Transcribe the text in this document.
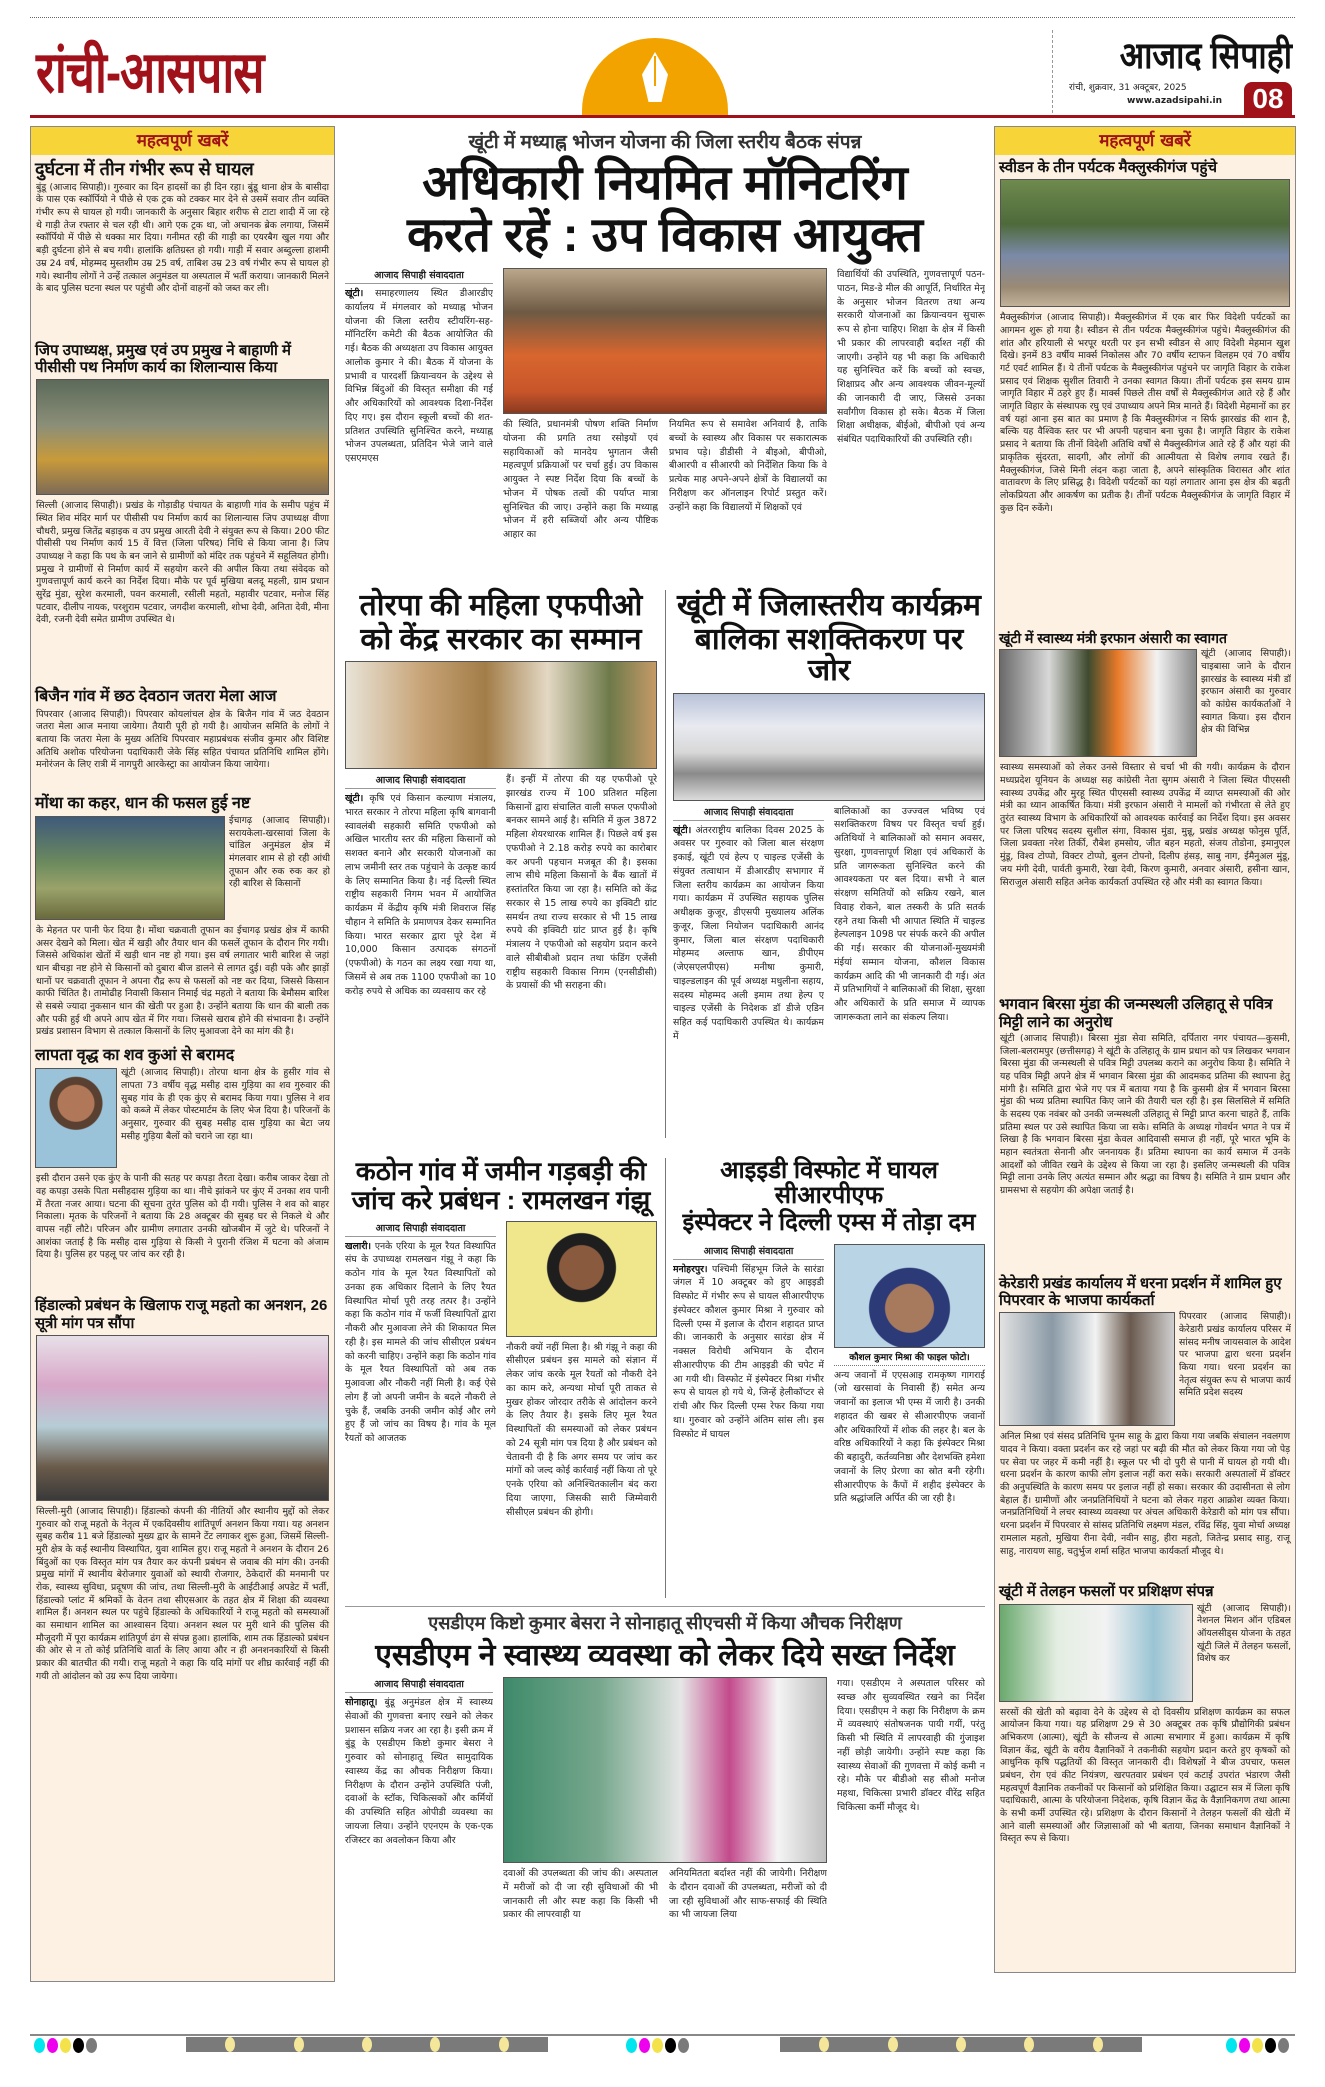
रांची-आसपास	आजाद सिपाही
रांची, शुक्रवार, 31 अक्टूबर, 2025
www.azadsipahi.in	08
महत्वपूर्ण खबरें
दुर्घटना में तीन गंभीर रूप से घायल
बुंडू (आजाद सिपाही)। गुरुवार का दिन हादसों का ही दिन रहा। बुंडू थाना क्षेत्र के बासीदा के पास एक स्कॉर्पियो ने पीछे से एक ट्रक को टक्कर मार देने से उसमें सवार तीन व्यक्ति गंभीर रूप से घायल हो गयी। जानकारी के अनुसार बिहार शरीफ से टाटा शादी में जा रहे थे गाड़ी तेज रफ्तार से चल रही थी। आगे एक ट्रक था, जो अचानक ब्रेक लगाया, जिसमें स्कॉर्पियो में पीछे से धक्का मार दिया। गनीमत रही की गाड़ी का एयरबैग खुल गया और बड़ी दुर्घटना होने से बच गयी। हालांकि क्षतिग्रस्त हो गयी। गाड़ी में सवार अब्दुल्ला हाशमी उम्र 24 वर्ष, मोहम्मद मुस्तशीम उम्र 25 वर्ष, ताबिश उम्र 23 वर्ष गंभीर रूप से घायल हो गये। स्थानीय लोगों ने उन्हें तत्काल अनुमंडल या अस्पताल में भर्ती कराया। जानकारी मिलने के बाद पुलिस घटना स्थल पर पहुंची और दोनों वाहनों को जब्त कर ली।
जिप उपाध्यक्ष, प्रमुख एवं उप प्रमुख ने बाहाणी में पीसीसी पथ निर्माण कार्य का शिलान्यास किया
सिल्ली (आजाद सिपाही)। प्रखंड के गोड़ाडीह पंचायत के बाहाणी गांव के समीप पहुंच में स्थित शिव मंदिर मार्ग पर पीसीसी पथ निर्माण कार्य का शिलान्यास जिप उपाध्यक्ष वीणा चौधरी, प्रमुख जितेंद्र बड़ाइक व उप प्रमुख आरती देवी ने संयुक्त रूप से किया। 200 फीट पीसीसी पथ निर्माण कार्य 15 वें वित्त (जिला परिषद) निधि से किया जाना है। जिप उपाध्यक्ष ने कहा कि पथ के बन जाने से ग्रामीणों को मंदिर तक पहुंचने में सहूलियत होगी। प्रमुख ने ग्रामीणों से निर्माण कार्य में सहयोग करने की अपील किया तथा संवेदक को गुणवत्तापूर्ण कार्य करने का निर्देश दिया। मौके पर पूर्व मुखिया बलदू महली, ग्राम प्रधान सुरेंद्र मुंडा, सुरेश करमाली, पवन करमाली, रसीली महतो, महावीर पटवार, मनोज सिंह पटवार, दीलीप नायक, परशुराम पटवार, जगदीश करमाली, शोभा देवी, अनिता देवी, मीना देवी, रजनी देवी समेत ग्रामीण उपस्थित थे।
बिजैन गांव में छठ देवठान जतरा मेला आज
पिपरवार (आजाद सिपाही)। पिपरवार कोयलांचल क्षेत्र के बिजैन गांव में जठ देवठान जतरा मेला आज मनाया जायेगा। तैयारी पूरी हो गयी है। आयोजन समिति के लोगों ने बताया कि जतरा मेला के मुख्य अतिथि पिपरवार महाप्रबंधक संजीव कुमार और विशिष्ट अतिथि अशोक परियोजना पदाधिकारी जेके सिंह सहित पंचायत प्रतिनिधि शामिल होंगे। मनोरंजन के लिए रात्री में नागपुरी आरकेस्ट्रा का आयोजन किया जायेगा।
मोंथा का कहर, धान की फसल हुई नष्ट
ईचागढ़ (आजाद सिपाही)। सरायकेला-खरसावां जिला के चांडिल अनुमंडल क्षेत्र में मंगलवार शाम से हो रही आंधी तूफान और रुक रुक कर हो रही बारिश से किसानों
के मेहनत पर पानी फेर दिया है। मोंथा चक्रवाती तूफान का ईचागढ़ प्रखंड क्षेत्र में काफी असर देखने को मिला। खेत में खड़ी और तैयार धान की फसलें तूफान के दौरान गिर गयी। जिससे अधिकांश खेतों में खड़ी धान नष्ट हो गया। इस वर्ष लगातार भारी बारिश से जहां धान बीचड़ा नष्ट होने से किसानों को दुबारा बीज डालने से लागत दुई। वही पके और झाड़ों धानों पर चक्रवाती तूफान ने अपना रौद्र रूप से फसलों को नष्ट कर दिया, जिससे किसान काफी चिंतित है। तामोढीह निवासी किसान निमाई चंद्र महतो ने बताया कि बेमौसम बारिश से सबसे ज्यादा नुकसान धान की खेती पर हुआ है। उन्होंने बताया कि धान की बाली तक और पकी हुई थी अपने आप खेत में गिर गया। जिससे खराब होने की संभावना है। उन्होंने प्रखंड प्रशासन विभाग से तत्काल किसानों के लिए मुआवजा देने का मांग की है।
लापता वृद्ध का शव कुआं से बरामद
खूंटी (आजाद सिपाही)। तोरपा थाना क्षेत्र के हुसीर गांव से लापता 73 वर्षीय वृद्ध मसीह दास गुड़िया का शव गुरुवार की सुबह गांव के ही एक कुंए से बरामद किया गया। पुलिस ने शव को कब्जे में लेकर पोस्टमार्टम के लिए भेज दिया है। परिजनों के अनुसार, गुरुवार की सुबह मसीह दास गुड़िया का बेटा जय मसीह गुड़िया बैलों को चराने जा रहा था।
इसी दौरान उसने एक कुंए के पानी की सतह पर कपड़ा तैरता देखा। करीब जाकर देखा तो वह कपड़ा उसके पिता मसीहदास गुड़िया का था। नीचे झांकने पर कुंए में उनका शव पानी में तैरता नजर आया। घटना की सूचना तुरंत पुलिस को दी गयी। पुलिस ने शव को बाहर निकाला। मृतक के परिजनों ने बताया कि 28 अक्टूबर की सुबह घर से निकले थे और वापस नहीं लौटे। परिजन और ग्रामीण लगातार उनकी खोजबीन में जुटे थे। परिजनों ने आशंका जताई है कि मसीह दास गुड़िया से किसी ने पुरानी रंजिश में घटना को अंजाम दिया है। पुलिस हर पहलू पर जांच कर रही है।
हिंडाल्को प्रबंधन के खिलाफ राजू महतो का अनशन, 26 सूत्री मांग पत्र सौंपा
सिल्ली-मुरी (आजाद सिपाही)। हिंडाल्को कंपनी की नीतियों और स्थानीय मुद्दों को लेकर गुरुवार को राजू महतो के नेतृत्व में एकदिवसीय शांतिपूर्ण अनशन किया गया। यह अनशन सुबह करीब 11 बजे हिंडाल्को मुख्य द्वार के सामने टेंट लगाकर शुरू हुआ, जिसमें सिल्ली-मुरी क्षेत्र के कई स्थानीय विस्थापित, युवा शामिल हुए। राजू महतो ने अनशन के दौरान 26 बिंदुओं का एक विस्तृत मांग पत्र तैयार कर कंपनी प्रबंधन से जवाब की मांग की। उनकी प्रमुख मांगों में स्थानीय बेरोजगार युवाओं को स्थायी रोजगार, ठेकेदारों की मनमानी पर रोक, स्वास्थ्य सुविधा, प्रदूषण की जांच, तथा सिल्ली-मुरी के आईटीआई अपडेट में भर्ती, हिंडाल्को प्लांट में श्रमिकों के वेतन तथा सीएसआर के तहत क्षेत्र में शिक्षा की व्यवस्था शामिल हैं। अनशन स्थल पर पहुंचे हिंडाल्को के अधिकारियों ने राजू महतो को समस्याओं का समाधान शामिल का आश्वासन दिया। अनशन स्थल पर मुरी थाने की पुलिस की मौजूदगी में पूरा कार्यक्रम शांतिपूर्ण ढंग से संपन्न हुआ। हालांकि, शाम तक हिंडाल्को प्रबंधन की ओर से न तो कोई प्रतिनिधि वार्ता के लिए आया और न ही अनशनकारियों से किसी प्रकार की बातचीत की गयी। राजू महतो ने कहा कि यदि मांगों पर शीघ्र कार्रवाई नहीं की गयी तो आंदोलन को उग्र रूप दिया जायेगा।
खूंटी में मध्याह्न भोजन योजना की जिला स्तरीय बैठक संपन्न
अधिकारी नियमित मॉनिटरिंग
करते रहें : उप विकास आयुक्त
आजाद सिपाही संवाददाता
खूंटी। समाहरणालय स्थित डीआरडीए कार्यालय में मंगलवार को मध्याह्न भोजन योजना की जिला स्तरीय स्टीयरिंग-सह-मॉनिटरिंग कमेटी की बैठक आयोजित की गई। बैठक की अध्यक्षता उप विकास आयुक्त आलोक कुमार ने की। बैठक में योजना के प्रभावी व पारदर्शी क्रियान्वयन के उद्देश्य से विभिन्न बिंदुओं की विस्तृत समीक्षा की गई और अधिकारियों को आवश्यक दिशा-निर्देश दिए गए। इस दौरान स्कूली बच्चों की शत-प्रतिशत उपस्थिति सुनिश्चित करने, मध्याह्न भोजन उपलब्धता, प्रतिदिन भेजे जाने वाले एसएमएस
की स्थिति, प्रधानमंत्री पोषण शक्ति निर्माण योजना की प्रगति तथा रसोइयों एवं सहायिकाओं को मानदेय भुगतान जैसी महत्वपूर्ण प्रक्रियाओं पर चर्चा हुई। उप विकास आयुक्त ने स्पष्ट निर्देश दिया कि बच्चों के भोजन में पोषक तत्वों की पर्याप्त मात्रा सुनिश्चित की जाए। उन्होंने कहा कि मध्याह्न भोजन में हरी सब्जियों और अन्य पौष्टिक आहार का
नियमित रूप से समावेश अनिवार्य है, ताकि बच्चों के स्वास्थ्य और विकास पर सकारात्मक प्रभाव पड़े। डीडीसी ने बीइओ, बीपीओ, बीआरपी व सीआरपी को निर्देशित किया कि वे प्रत्येक माह अपने-अपने क्षेत्रों के विद्यालयों का निरीक्षण कर ऑनलाइन रिपोर्ट प्रस्तुत करें। उन्होंने कहा कि विद्यालयों में शिक्षकों एवं
विद्यार्थियों की उपस्थिति, गुणवत्तापूर्ण पठन-पाठन, मिड-डे मील की आपूर्ति, निर्धारित मेनू के अनुसार भोजन वितरण तथा अन्य सरकारी योजनाओं का क्रियान्वयन सुचारू रूप से होना चाहिए। शिक्षा के क्षेत्र में किसी भी प्रकार की लापरवाही बर्दाश्त नहीं की जाएगी। उन्होंने यह भी कहा कि अधिकारी यह सुनिश्चित करें कि बच्चों को स्वच्छ, शिक्षाप्रद और अन्य आवश्यक जीवन-मूल्यों की जानकारी दी जाए, जिससे उनका सर्वांगीण विकास हो सके। बैठक में जिला शिक्षा अधीक्षक, बीईओ, बीपीओ एवं अन्य संबंधित पदाधिकारियों की उपस्थिति रही।
तोरपा की महिला एफपीओ
को केंद्र सरकार का सम्मान
आजाद सिपाही संवाददाता
खूंटी। कृषि एवं किसान कल्याण मंत्रालय, भारत सरकार ने तोरपा महिला कृषि बागवानी स्वावलंबी सहकारी समिति एफपीओ को अखिल भारतीय स्तर की महिला किसानों को सशक्त बनाने और सरकारी योजनाओं का लाभ जमीनी स्तर तक पहुंचाने के उत्कृष्ट कार्य के लिए सम्मानित किया है। नई दिल्ली स्थित राष्ट्रीय सहकारी निगम भवन में आयोजित कार्यक्रम में केंद्रीय कृषि मंत्री शिवराज सिंह चौहान ने समिति के प्रमाणपत्र देकर सम्मानित किया। भारत सरकार द्वारा पूरे देश में 10,000 किसान उत्पादक संगठनों (एफपीओ) के गठन का लक्ष्य रखा गया था, जिसमें से अब तक 1100 एफपीओ का 10 करोड़ रुपये से अधिक का व्यवसाय कर रहे
हैं। इन्हीं में तोरपा की यह एफपीओ पूरे झारखंड राज्य में 100 प्रतिशत महिला किसानों द्वारा संचालित वाली सफल एफपीओ बनकर सामने आई है। समिति में कुल 3872 महिला शेयरधारक शामिल हैं। पिछले वर्ष इस एफपीओ ने 2.18 करोड़ रुपये का कारोबार कर अपनी पहचान मजबूत की है। इसका लाभ सीधे महिला किसानों के बैंक खातों में हस्तांतरित किया जा रहा है। समिति को केंद्र सरकार से 15 लाख रुपये का इक्विटी ग्रांट समर्थन तथा राज्य सरकार से भी 15 लाख रुपये की इक्विटी ग्रांट प्राप्त हुई है। कृषि मंत्रालय ने एफपीओ को सहयोग प्रदान करने वाले सीबीबीओ प्रदान तथा फंडिंग एजेंसी राष्ट्रीय सहकारी विकास निगम (एनसीडीसी) के प्रयासों की भी सराहना की।
खूंटी में जिलास्तरीय कार्यक्रम
बालिका सशक्तिकरण पर जोर
आजाद सिपाही संवाददाता
खूंटी। अंतरराष्ट्रीय बालिका दिवस 2025 के अवसर पर गुरुवार को जिला बाल संरक्षण इकाई, खूंटी एवं हेल्प ए चाइल्ड एजेंसी के संयुक्त तत्वाधान में डीआरडीए सभागार में जिला स्तरीय कार्यक्रम का आयोजन किया गया। कार्यक्रम में उपस्थित सहायक पुलिस अधीक्षक कुजूर, डीएसपी मुख्यालय अलिंक कुजूर, जिला नियोजन पदाधिकारी आनंद कुमार, जिला बाल संरक्षण पदाधिकारी मोहम्मद अल्ताफ खान, डीपीएम (जेएसएलपीएस) मनीषा कुमारी, चाइल्डलाइन की पूर्व अध्यक्ष मधुलीना सहाय, सदस्य मोहम्मद अली इमाम तथा हेल्प ए चाइल्ड एजेंसी के निदेशक डॉ डीजे एडिन सहित कई पदाधिकारी उपस्थित थे। कार्यक्रम में
बालिकाओं का उज्ज्वल भविष्य एवं सशक्तिकरण विषय पर विस्तृत चर्चा हुई। अतिथियों ने बालिकाओं को समान अवसर, सुरक्षा, गुणवत्तापूर्ण शिक्षा एवं अधिकारों के प्रति जागरूकता सुनिश्चित करने की आवश्यकता पर बल दिया। सभी ने बाल संरक्षण समितियों को सक्रिय रखने, बाल विवाह रोकने, बाल तस्करी के प्रति सतर्क रहने तथा किसी भी आपात स्थिति में चाइल्ड हेल्पलाइन 1098 पर संपर्क करने की अपील की गई। सरकार की योजनाओं-मुख्यमंत्री मंईयां सम्मान योजना, कौशल विकास कार्यक्रम आदि की भी जानकारी दी गई। अंत में प्रतिभागियों ने बालिकाओं की शिक्षा, सुरक्षा और अधिकारों के प्रति समाज में व्यापक जागरूकता लाने का संकल्प लिया।
कठोन गांव में जमीन गड़बड़ी की
जांच करे प्रबंधन : रामलखन गंझू
आजाद सिपाही संवाददाता
खलारी। एनके एरिया के मूल रैयत विस्थापित संघ के उपाध्यक्ष रामलखन गंझू ने कहा कि कठोन गांव के मूल रैयत विस्थापितों को उनका हक अधिकार दिलाने के लिए रैयत विस्थापित मोर्चा पूरी तरह तत्पर है। उन्होंने कहा कि कठोन गांव में फर्जी विस्थापितों द्वारा नौकरी और मुआवजा लेने की शिकायत मिल रही है। इस मामले की जांच सीसीएल प्रबंधन को करनी चाहिए। उन्होंने कहा कि कठोन गांव के मूल रैयत विस्थापितों को अब तक मुआवजा और नौकरी नहीं मिली है। कई ऐसे लोग हैं जो अपनी जमीन के बदले नौकरी ले चुके हैं, जबकि उनकी जमीन कोई और लगे हुए हैं जो जांच का विषय है। गांव के मूल रैयतों को आजतक
नौकरी क्यों नहीं मिला है। श्री गंझू ने कहा की सीसीएल प्रबंधन इस मामले को संज्ञान में लेकर जांच करके मूल रैयतों को नौकरी देने का काम करे, अन्यथा मोर्चा पूरी ताकत से मुखर होकर जोरदार तरीके से आंदोलन करने के लिए तैयार है। इसके लिए मूल रैयत विस्थापितों की समस्याओं को लेकर प्रबंधन को 24 सूत्री मांग पत्र दिया है और प्रबंधन को चेतावनी दी है कि अगर समय पर जांच कर मांगों को जल्द कोई कार्रवाई नहीं किया तो पूरे एनके एरिया को अनिश्चितकालीन बंद करा दिया जाएगा, जिसकी सारी जिम्मेवारी सीसीएल प्रबंधन की होगी।
आइइडी विस्फोट में घायल सीआरपीएफ
इंस्पेक्टर ने दिल्ली एम्स में तोड़ा दम
आजाद सिपाही संवाददाता
मनोहरपुर। पश्चिमी सिंहभूम जिले के सारंडा जंगल में 10 अक्टूबर को हुए आइइडी विस्फोट में गंभीर रूप से घायल सीआरपीएफ इंस्पेक्टर कौशल कुमार मिश्रा ने गुरुवार को दिल्ली एम्स में इलाज के दौरान शहादत प्राप्त की। जानकारी के अनुसार सारंडा क्षेत्र में नक्सल विरोधी अभियान के दौरान सीआरपीएफ की टीम आइइडी की चपेट में आ गयी थी। विस्फोट में इंस्पेक्टर मिश्रा गंभीर रूप से घायल हो गये थे, जिन्हें हेलीकॉप्टर से रांची और फिर दिल्ली एम्स रेफर किया गया था। गुरुवार को उन्होंने अंतिम सांस ली। इस विस्फोट में घायल
कौशल कुमार मिश्रा की फाइल फोटो।
अन्य जवानों में एएसआइ रामकृष्ण गागराई (जो खरसावां के निवासी हैं) समेत अन्य जवानों का इलाज भी एम्स में जारी है। उनकी शहादत की खबर से सीआरपीएफ जवानों और अधिकारियों में शोक की लहर है। बल के वरिष्ठ अधिकारियों ने कहा कि इंस्पेक्टर मिश्रा की बहादुरी, कर्तव्यनिष्ठा और देशभक्ति हमेशा जवानों के लिए प्रेरणा का स्रोत बनी रहेगी। सीआरपीएफ के कैंपों में शहीद इंस्पेक्टर के प्रति श्रद्धांजलि अर्पित की जा रही है।
एसडीएम किष्टो कुमार बेसरा ने सोनाहातू सीएचसी में किया औचक निरीक्षण
एसडीएम ने स्वास्थ्य व्यवस्था को लेकर दिये सख्त निर्देश
आजाद सिपाही संवाददाता
सोनाहातू। बुंडू अनुमंडल क्षेत्र में स्वास्थ्य सेवाओं की गुणवत्ता बनाए रखने को लेकर प्रशासन सक्रिय नजर आ रहा है। इसी क्रम में बुंडू के एसडीएम किष्टो कुमार बेसरा ने गुरुवार को सोनाहातू स्थित सामुदायिक स्वास्थ्य केंद्र का औचक निरीक्षण किया। निरीक्षण के दौरान उन्होंने उपस्थिति पंजी, दवाओं के स्टॉक, चिकित्सकों और कर्मियों की उपस्थिति सहित ओपीडी व्यवस्था का जायजा लिया। उन्होंने एएनएम के एक-एक रजिस्टर का अवलोकन किया और
दवाओं की उपलब्धता की जांच की। अस्पताल में मरीजों को दी जा रही सुविधाओं की भी जानकारी ली और स्पष्ट कहा कि किसी भी प्रकार की लापरवाही या
अनियमितता बर्दाश्त नहीं की जायेगी। निरीक्षण के दौरान दवाओं की उपलब्धता, मरीजों को दी जा रही सुविधाओं और साफ-सफाई की स्थिति का भी जायजा लिया
गया। एसडीएम ने अस्पताल परिसर को स्वच्छ और सुव्यवस्थित रखने का निर्देश दिया। एसडीएम ने कहा कि निरीक्षण के क्रम में व्यवस्थाएं संतोषजनक पायी गयीं, परंतु किसी भी स्थिति में लापरवाही की गुंजाइश नहीं छोड़ी जायेगी। उन्होंने स्पष्ट कहा कि स्वास्थ्य सेवाओं की गुणवत्ता में कोई कमी न रहे। मौके पर बीडीओ सह सीओ मनोज महथा, चिकित्सा प्रभारी डॉक्टर वीरेंद्र सहित चिकित्सा कर्मी मौजूद थे।
महत्वपूर्ण खबरें
स्वीडन के तीन पर्यटक मैक्लुस्कीगंज पहुंचे
मैक्लुस्कीगंज (आजाद सिपाही)। मैक्लुस्कीगंज में एक बार फिर विदेशी पर्यटकों का आगमन शुरू हो गया है। स्वीडन से तीन पर्यटक मैक्लुस्कीगंज पहुंचे। मैक्लुस्कीगंज की शांत और हरियाली से भरपूर धरती पर इन सभी स्वीडन से आए विदेशी मेहमान खुश दिखे। इनमें 83 वर्षीय मार्क्स निकोलस और 70 वर्षीय स्टाफन विलहम एवं 70 वर्षीय गर्ट एवर्ट शामिल हैं। ये तीनों पर्यटक के मैक्लुस्कीगंज पहुंचने पर जागृति विहार के राकेश प्रसाद एवं शिक्षक सुशील तिवारी ने उनका स्वागत किया। तीनों पर्यटक इस समय ग्राम जागृति विहार में ठहरे हुए हैं। मार्क्स पिछले तीस वर्षों से मैक्लुस्कीगंज आते रहे हैं और जागृति विहार के संस्थापक रघु एवं उपाध्याय अपने मित्र मानते हैं। विदेशी मेहमानों का हर वर्ष यहां आना इस बात का प्रमाण है कि मैक्लुस्कीगंज न सिर्फ झारखंड की शान है, बल्कि यह वैश्विक स्तर पर भी अपनी पहचान बना चुका है। जागृति विहार के राकेश प्रसाद ने बताया कि तीनों विदेशी अतिथि वर्षों से मैक्लुस्कीगंज आते रहे हैं और यहां की प्राकृतिक सुंदरता, सादगी, और लोगों की आत्मीयता से विशेष लगाव रखते हैं। मैक्लुस्कीगंज, जिसे मिनी लंदन कहा जाता है, अपने सांस्कृतिक विरासत और शांत वातावरण के लिए प्रसिद्ध है। विदेशी पर्यटकों का यहां लगातार आना इस क्षेत्र की बढ़ती लोकप्रियता और आकर्षण का प्रतीक है। तीनों पर्यटक मैक्लुस्कीगंज के जागृति विहार में कुछ दिन रुकेंगे।
खूंटी में स्वास्थ्य मंत्री इरफान अंसारी का स्वागत
खूंटी (आजाद सिपाही)। चाइबासा जाने के दौरान झारखंड के स्वास्थ्य मंत्री डॉ इरफान अंसारी का गुरुवार को कांग्रेस कार्यकर्ताओं ने स्वागत किया। इस दौरान क्षेत्र की विभिन्न
स्वास्थ्य समस्याओं को लेकर उनसे विस्तार से चर्चा भी की गयी। कार्यक्रम के दौरान मध्यप्रदेश यूनियन के अध्यक्ष सह कांग्रेसी नेता सुगम अंसारी ने जिला स्थित पीएससी स्वास्थ्य उपकेंद्र और मुरहू स्थित पीएससी स्वास्थ्य उपकेंद्र में व्याप्त समस्याओं की ओर मंत्री का ध्यान आकर्षित किया। मंत्री इरफान अंसारी ने मामलों को गंभीरता से लेते हुए तुरंत स्वास्थ्य विभाग के अधिकारियों को आवश्यक कार्रवाई का निर्देश दिया। इस अवसर पर जिला परिषद सदस्य सुशील संगा, विकास मुंडा, मुन्नू, प्रखंड अध्यक्ष फोनुस पूर्ति, जिला प्रवक्ता नरेश तिर्की, रौबेश हमसोय, जीत बहन महतो, संजय तोडोना, इमानुएल मुंडू, विश्व टोप्पो, विक्टर टोप्पो, बुलन टोपनो, दिलीप हंसड़, साबु नाग, ईमैनुअल मुंडू, जय मंगी देवी, पार्वती कुमारी, रेखा देवी, किरण कुमारी, अनवार अंसारी, हसीना खान, सिराजुल अंसारी सहित अनेक कार्यकर्ता उपस्थित रहे और मंत्री का स्वागत किया।
भगवान बिरसा मुंडा की जन्मस्थली उलिहातू से पवित्र मिट्टी लाने का अनुरोध
खूंटी (आजाद सिपाही)। बिरसा मुंडा सेवा समिति, दर्पितारा नगर पंचायत—कुसमी, जिला-बलरामपुर (छत्तीसगढ़) ने खूंटी के उलिहातू के ग्राम प्रधान को पत्र लिखकर भगवान बिरसा मुंडा की जन्मस्थली से पवित्र मिट्टी उपलब्ध कराने का अनुरोध किया है। समिति ने यह पवित्र मिट्टी अपने क्षेत्र में भगवान बिरसा मुंडा की आदमकद प्रतिमा की स्थापना हेतु मांगी है। समिति द्वारा भेजे गए पत्र में बताया गया है कि कुसमी क्षेत्र में भगवान बिरसा मुंडा की भव्य प्रतिमा स्थापित किए जाने की तैयारी चल रही है। इस सिलसिले में समिति के सदस्य एक नवंबर को उनकी जन्मस्थली उलिहातू से मिट्टी प्राप्त करना चाहते हैं, ताकि प्रतिमा स्थल पर उसे स्थापित किया जा सके। समिति के अध्यक्ष गोवर्धन भगत ने पत्र में लिखा है कि भगवान बिरसा मुंडा केवल आदिवासी समाज ही नहीं, पूरे भारत भूमि के महान स्वतंत्रता सेनानी और जननायक हैं। प्रतिमा स्थापना का कार्य समाज में उनके आदर्शों को जीवित रखने के उद्देश्य से किया जा रहा है। इसलिए जन्मस्थली की पवित्र मिट्टी लाना उनके लिए अत्यंत सम्मान और श्रद्धा का विषय है। समिति ने ग्राम प्रधान और ग्रामसभा से सहयोग की अपेक्षा जताई है।
केरेडारी प्रखंड कार्यालय में धरना प्रदर्शन में शामिल हुए पिपरवार के भाजपा कार्यकर्ता
पिपरवार (आजाद सिपाही)। केरेडारी प्रखंड कार्यालय परिसर में सांसद मनीष जायसवाल के आदेश पर भाजपा द्वारा धरना प्रदर्शन किया गया। धरना प्रदर्शन का नेतृत्व संयुक्त रूप से भाजपा कार्य समिति प्रदेश सदस्य
अनिल मिश्रा एवं संसद प्रतिनिधि पूनम साहू के द्वारा किया गया जबकि संचालन नवलगण यादव ने किया। वक्ता प्रदर्शन कर रहे जहां पर बढ़ी की मौत को लेकर किया गया जो पेड़ पर सेवा पर जहर में कमी नहीं है। स्कूल पर भी दो पुरी से पानी में घायल हो गयी थी। धरना प्रदर्शन के कारण काफी लोग इलाज नहीं करा सके। सरकारी अस्पतालों में डॉक्टर की अनुपस्थिति के कारण समय पर इलाज नहीं हो सका। सरकार की उदासीनता से लोग बेहाल हैं। ग्रामीणों और जनप्रतिनिधियों ने घटना को लेकर गहरा आक्रोश व्यक्त किया। जनप्रतिनिधियों ने लचर स्वास्थ्य व्यवस्था पर अंचल अधिकारी केरेडारी को मांग पत्र सौंपा। धरना प्रदर्शन में पिपरवार से सांसद प्रतिनिधि लक्ष्मण मंडल, रविंद्र सिंह, युवा मोर्चा अध्यक्ष रामलाल महतो, मुखिया रीना देवी, नवीन साहु, हीरा महतो, जितेन्द्र प्रसाद साहु, राजू साहु, नारायण साहु, चतुर्भुज शर्मा सहित भाजपा कार्यकर्ता मौजूद थे।
खूंटी में तेलहन फसलों पर प्रशिक्षण संपन्न
खूंटी (आजाद सिपाही)। नेशनल मिशन ऑन एडिबल ऑयलसीड्स योजना के तहत खूंटी जिले में तेलहन फसलों, विशेष कर
सरसों की खेती को बढ़ावा देने के उद्देश्य से दो दिवसीय प्रशिक्षण कार्यक्रम का सफल आयोजन किया गया। यह प्रशिक्षण 29 से 30 अक्टूबर तक कृषि प्रौद्योगिकी प्रबंधन अभिकरण (आत्मा), खूंटी के सौजन्य से आत्मा सभागार में हुआ। कार्यक्रम में कृषि विज्ञान केंद्र, खूंटी के वरीय वैज्ञानिकों ने तकनीकी सहयोग प्रदान करते हुए कृषकों को आधुनिक कृषि पद्धतियों की विस्तृत जानकारी दी। विशेषज्ञों ने बीज उपचार, फसल प्रबंधन, रोग एवं कीट नियंत्रण, खरपतवार प्रबंधन एवं कटाई उपरांत भंडारण जैसी महत्वपूर्ण वैज्ञानिक तकनीकों पर किसानों को प्रशिक्षित किया। उद्घाटन सत्र में जिला कृषि पदाधिकारी, आत्मा के परियोजना निदेशक, कृषि विज्ञान केंद्र के वैज्ञानिकगण तथा आत्मा के सभी कर्मी उपस्थित रहे। प्रशिक्षण के दौरान किसानों ने तेलहन फसलों की खेती में आने वाली समस्याओं और जिज्ञासाओं को भी बताया, जिनका समाधान वैज्ञानिकों ने विस्तृत रूप से किया।
